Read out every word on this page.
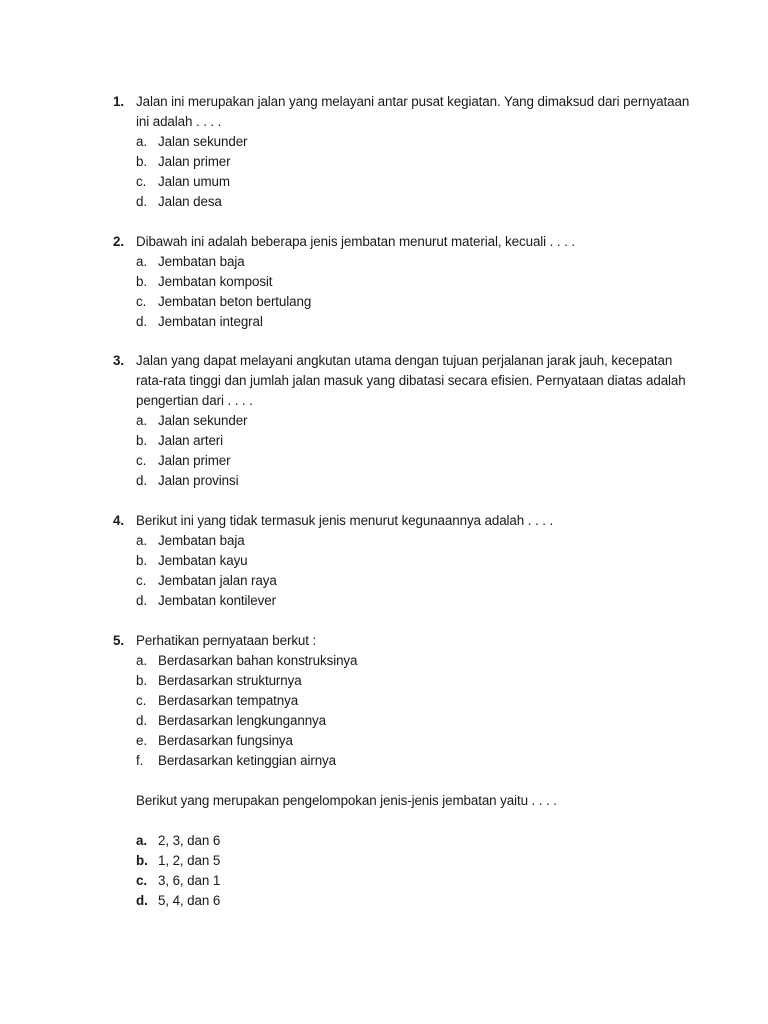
1. Jalan ini merupakan jalan yang melayani antar pusat kegiatan. Yang dimaksud dari pernyataan
ini adalah . . . .
a. Jalan sekunder
b. Jalan primer
c. Jalan umum
d. Jalan desa
2. Dibawah ini adalah beberapa jenis jembatan menurut material, kecuali . . . .
a. Jembatan baja
b. Jembatan komposit
c. Jembatan beton bertulang
d. Jembatan integral
3. Jalan yang dapat melayani angkutan utama dengan tujuan perjalanan jarak jauh, kecepatan
rata-rata tinggi dan jumlah jalan masuk yang dibatasi secara efisien. Pernyataan diatas adalah
pengertian dari . . . .
a. Jalan sekunder
b. Jalan arteri
c. Jalan primer
d. Jalan provinsi
4. Berikut ini yang tidak termasuk jenis menurut kegunaannya adalah . . . .
a. Jembatan baja
b. Jembatan kayu
c. Jembatan jalan raya
d. Jembatan kontilever
5. Perhatikan pernyataan berkut :
a. Berdasarkan bahan konstruksinya
b. Berdasarkan strukturnya
c. Berdasarkan tempatnya
d. Berdasarkan lengkungannya
e. Berdasarkan fungsinya
f. Berdasarkan ketinggian airnya
Berikut yang merupakan pengelompokan jenis-jenis jembatan yaitu . . . .
a. 2, 3, dan 6
b. 1, 2, dan 5
c. 3, 6, dan 1
d. 5, 4, dan 6
